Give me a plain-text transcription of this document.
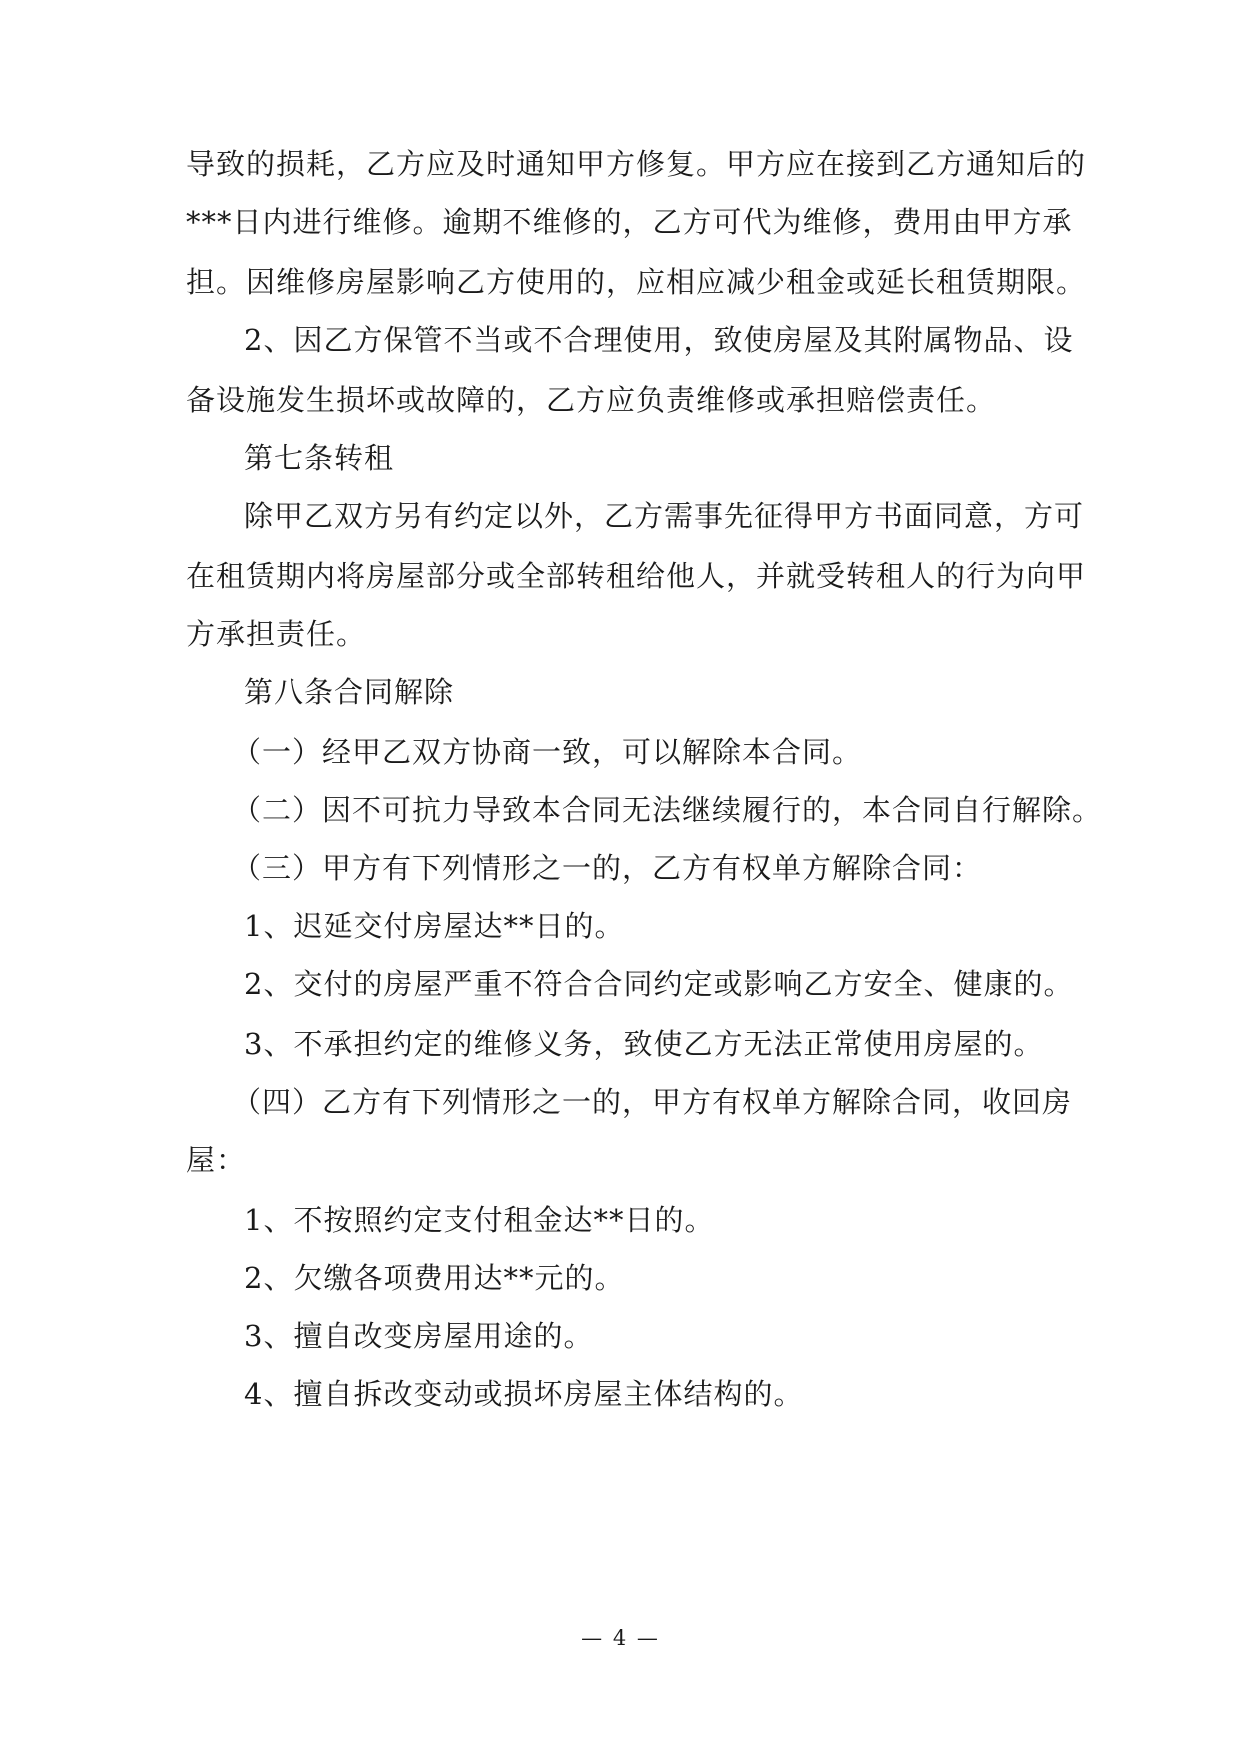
导致的损耗，乙方应及时通知甲方修复。甲方应在接到乙方通知后的
***日内进行维修。逾期不维修的，乙方可代为维修，费用由甲方承
担。因维修房屋影响乙方使用的，应相应减少租金或延长租赁期限。
2、因乙方保管不当或不合理使用，致使房屋及其附属物品、设
备设施发生损坏或故障的，乙方应负责维修或承担赔偿责任。
第七条转租
除甲乙双方另有约定以外，乙方需事先征得甲方书面同意，方可
在租赁期内将房屋部分或全部转租给他人，并就受转租人的行为向甲
方承担责任。
第八条合同解除
（一）经甲乙双方协商一致，可以解除本合同。
（二）因不可抗力导致本合同无法继续履行的，本合同自行解除。
（三）甲方有下列情形之一的，乙方有权单方解除合同：
1、迟延交付房屋达**日的。
2、交付的房屋严重不符合合同约定或影响乙方安全、健康的。
3、不承担约定的维修义务，致使乙方无法正常使用房屋的。
（四）乙方有下列情形之一的，甲方有权单方解除合同，收回房
屋：
1、不按照约定支付租金达**日的。
2、欠缴各项费用达**元的。
3、擅自改变房屋用途的。
4、擅自拆改变动或损坏房屋主体结构的。
— 4 —
